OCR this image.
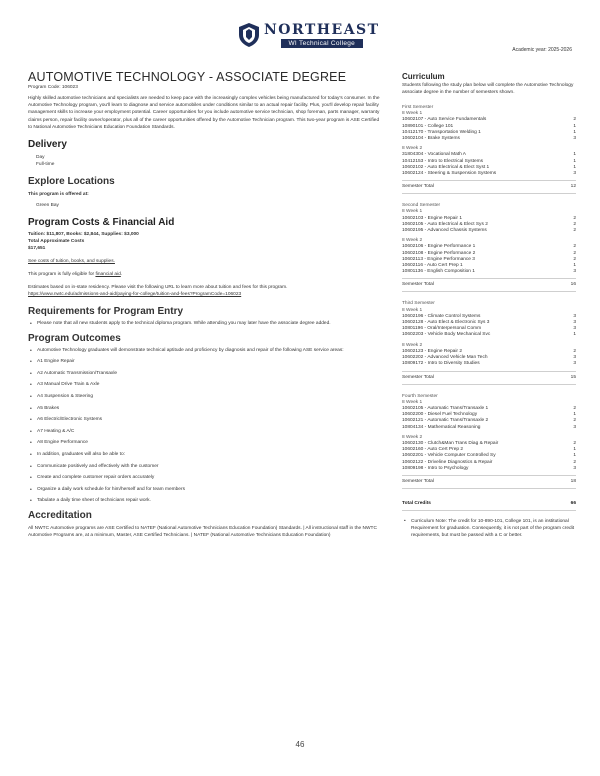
NORTHEAST
WI Technical College
Academic year: 2025-2026
AUTOMOTIVE TECHNOLOGY - ASSOCIATE DEGREE
Program Code: 106023

Highly skilled automotive technicians and specialists are needed to keep pace with the increasingly complex vehicles being manufactured for today's consumer. In the Automotive Technology program, you'll learn to diagnose and service automobiles under conditions similar to an actual repair facility. Plus, you'll develop repair facility management skills to increase your employment potential. Career opportunities for you include automotive service technician, shop foreman, parts manager, warranty claims person, repair facility owner/operator, plus all of the career opportunities offered by the Automotive Technician program. This two-year program is ASE Certified to National Automotive Technicians Education Foundation Standards.

Delivery
Day
Full-time
Explore Locations
This program is offered at:
Green Bay
Program Costs & Financial Aid
Tuition: $11,807, Books: $2,844, Supplies: $3,000
Total Approximate Costs
$17,651
See costs of tuition, books, and supplies.
This program is fully eligible for financial aid.
Estimates based on in-state residency. Please visit the following URL to learn more about tuition and fees for this program.
https://www.nwtc.edu/admissions-and-aid/paying-for-college/tuition-and-fees?ProgramCode=106023
Requirements for Program Entry
• Please note that all new students apply to the technical diploma program. While attending you may later have the associate degree added.
Program Outcomes
• Automotive Technology graduates will demonstrate technical aptitude and proficiency by diagnosis and repair of the following ASE service areas:
• A1 Engine Repair
• A2 Automatic Transmission/Transaxle
• A3 Manual Drive Train & Axle
• A4 Suspension & Steering
• A5 Brakes
• A6 Electric/Electronic Systems
• A7 Heating & A/C
• A8 Engine Performance
• In addition, graduates will also be able to:
• Communicate positively and effectively with the customer
• Create and complete customer repair orders accurately
• Organize a daily work schedule for him/herself and for team members
• Tabulate a daily time sheet of technicians repair work.
Accreditation

All NWTC Automotive programs are ASE Certified to NATEF (National Automotive Technicians Education Foundation) Standards. | All instructional staff in the NWTC Automotive Programs are, at a minimum, Master, ASE Certified Technicians. | NATEF (National Automotive Technicians Education Foundation)

Curriculum

Students following the study plan below will complete the Automotive Technology associate degree in the number of semesters shown.

First Semester
8 Week 1
10602107 - Auto Service Fundamentals	2
10890101 - College 101	1
10412170 - Transportation Welding 1	1
10602104 - Brake Systems	3
8 Week 2
31804304 - Vocational Math A	1
10412153 - Intro to Electrical Systems	1
10602102 - Auto Electrical & Elect Syst 1	1
10602124 - Steering & Suspension Systems	3
Semester Total	12
Second Semester
8 Week 1
10602103 - Engine Repair 1	2
10602105 - Auto Electrical & Elect Sys 2	2
10602195 - Advanced Chassis Systems	2
8 Week 2
10602106 - Engine Performance 1	2
10602108 - Engine Performance 2	2
10602113 - Engine Performance 3	2
10602116 - Auto Cert Prep 1	1
10801136 - English Composition 1	3
Semester Total	16
Third Semester
8 Week 1
10602196 - Climate Control Systems	3
10602128 - Auto Elect & Electronic Sys 3	3
10801196 - Oral/Interpersonal Comm	3
10602203 - Vehicle Body Mechanical Svc	1
8 Week 2
10602123 - Engine Repair 2	2
10602202 - Advanced Vehicle Man Tech	3
10809172 - Intro to Diversity Studies	3
Semester Total	15
Fourth Semester
8 Week 1
10602105 - Automatic Trans/Transaxle 1	2
10602200 - Diesel Fuel Technology	1
10602121 - Automatic Trans/Transaxle 2	2
10804134 - Mathematical Reasoning	3
8 Week 2
10602130 - Clutch&Man Trans Diag & Repair	2
10602160 - Auto Cert Prep 2	1
10602201 - Vehicle Computer Controlled Sy	1
10602122 - Driveline Diagnostics & Repair	2
10809198 - Intro to Psychology	3
Semester Total	18
Total Credits	66
• Curriculum Note: The credit for 10-890-101, College 101, is an institutional Requirement for graduation. Consequently, it is not part of the program credit requirements, but must be passed with a C or better.
46
